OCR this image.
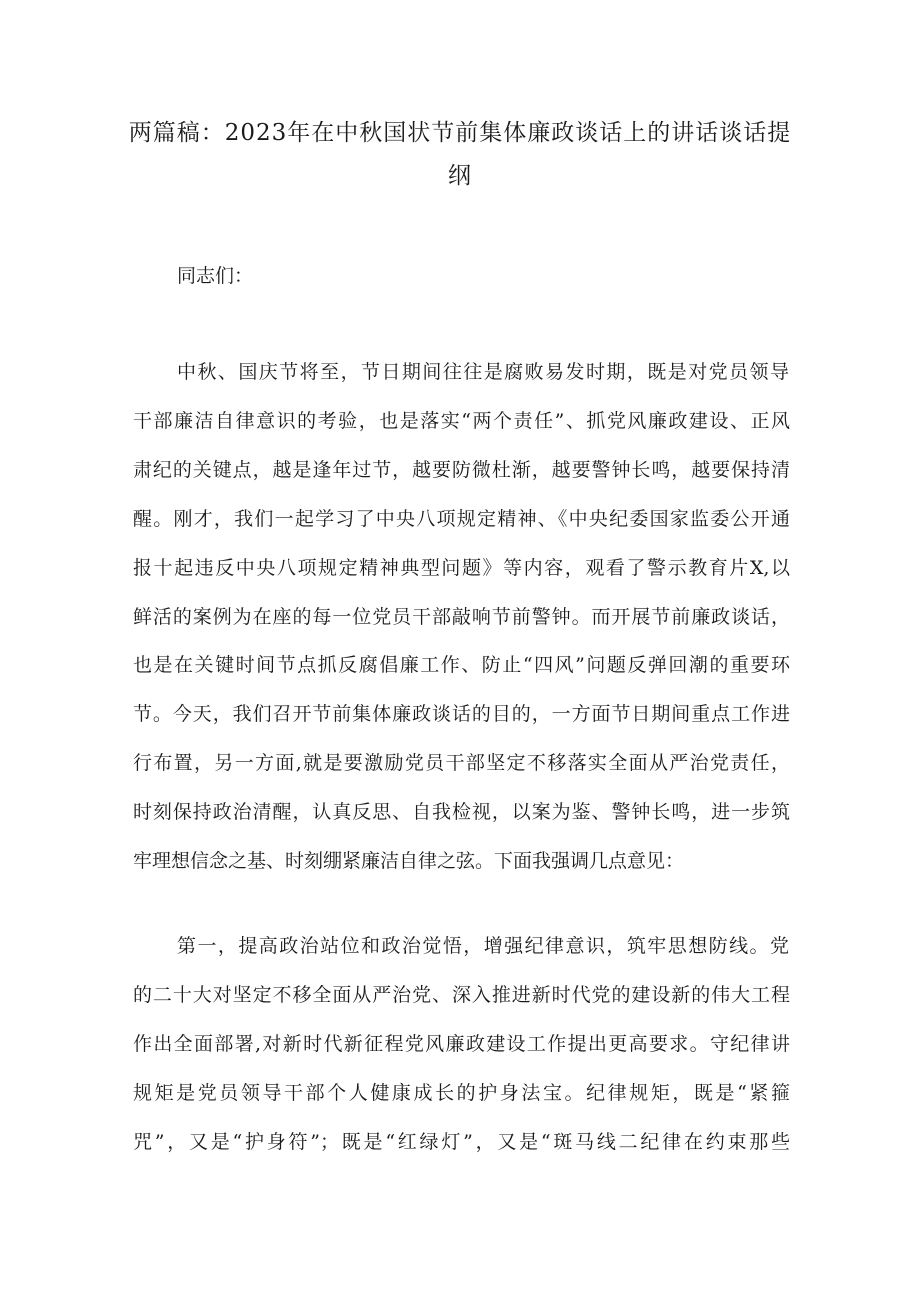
两篇稿：2023年在中秋国状节前集体廉政谈话上的讲话谈话提纲

同志们：

中秋、国庆节将至，节日期间往往是腐败易发时期，既是对党员领导

干部廉洁自律意识的考验，也是落实“两个责任”、抓党风廉政建设、正风

肃纪的关键点，越是逢年过节，越要防微杜渐，越要警钟长鸣，越要保持清

醒。刚才，我们一起学习了中央八项规定精神、《中央纪委国家监委公开通

报十起违反中央八项规定精神典型问题》等内容，观看了警示教育片X,以

鲜活的案例为在座的每一位党员干部敲响节前警钟。而开展节前廉政谈话，

也是在关键时间节点抓反腐倡廉工作、防止“四风”问题反弹回潮的重要环

节。今天，我们召开节前集体廉政谈话的目的，一方面节日期间重点工作进

行布置，另一方面,就是要激励党员干部坚定不移落实全面从严治党责任，

时刻保持政治清醒，认真反思、自我检视，以案为鉴、警钟长鸣，进一步筑

牢理想信念之基、时刻绷紧廉洁自律之弦。下面我强调几点意见：

第一，提高政治站位和政治觉悟，增强纪律意识，筑牢思想防线。党

的二十大对坚定不移全面从严治党、深入推进新时代党的建设新的伟大工程

作出全面部署,对新时代新征程党风廉政建设工作提出更高要求。守纪律讲

规矩是党员领导干部个人健康成长的护身法宝。纪律规矩，既是“紧箍

咒”，又是“护身符”；既是“红绿灯”，又是“斑马线二纪律在约束那些
